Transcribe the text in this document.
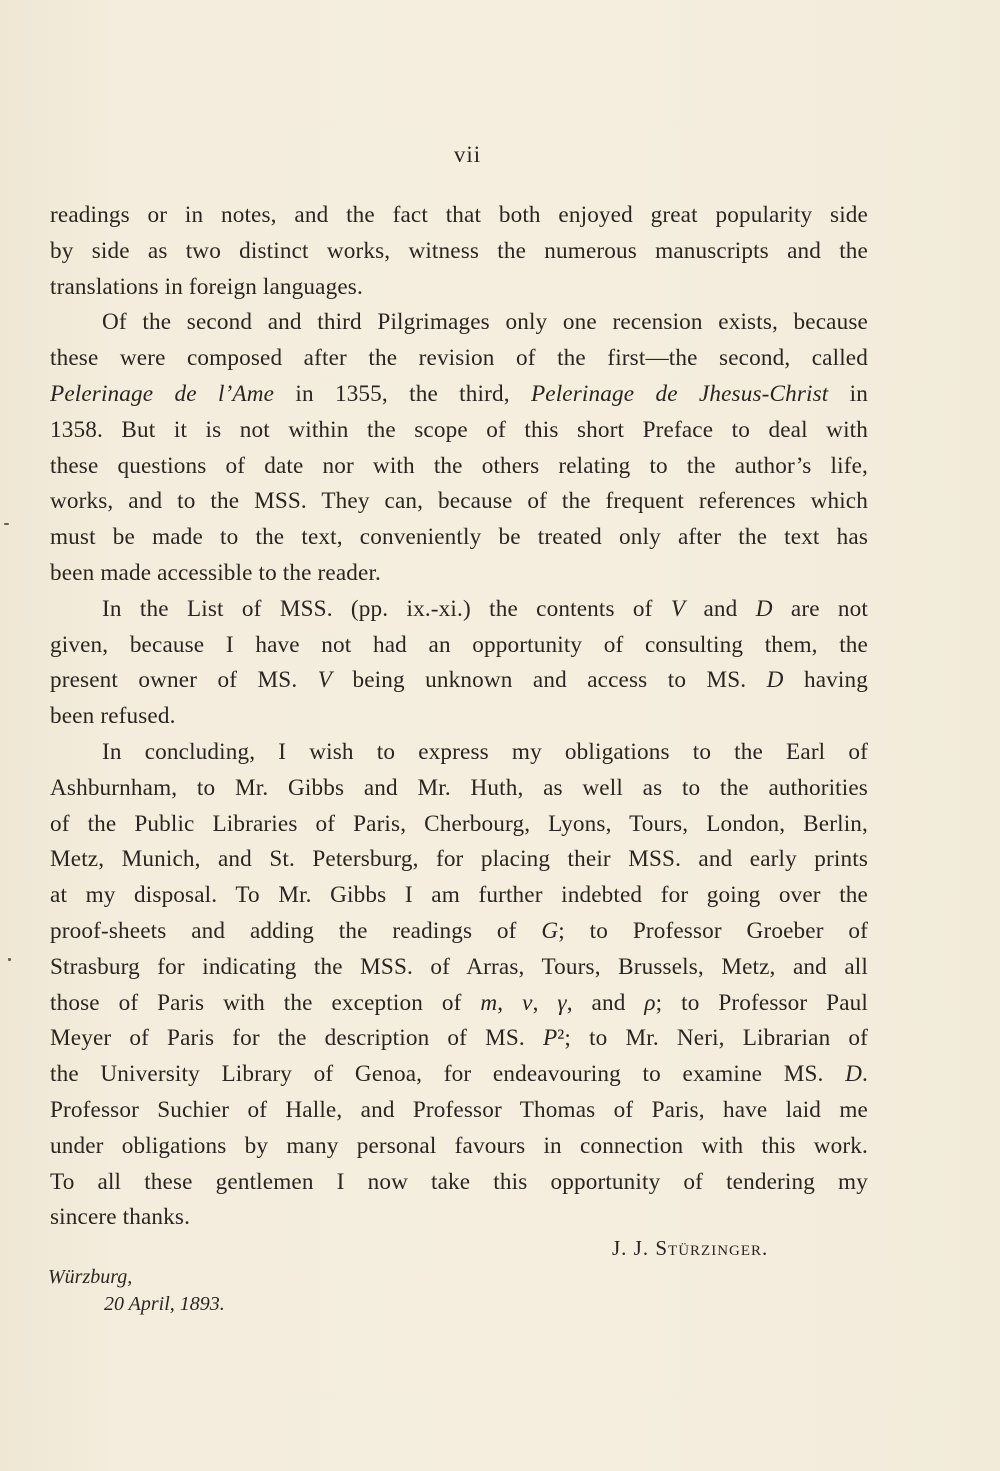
vii

readings or in notes, and the fact that both enjoyed great popularity side
by side as two distinct works, witness the numerous manuscripts and the
translations in foreign languages.

Of the second and third Pilgrimages only one recension exists, because
these were composed after the revision of the first—the second, called
Pelerinage de l’Ame in 1355, the third, Pelerinage de Jhesus-Christ in
1358. But it is not within the scope of this short Preface to deal with
these questions of date nor with the others relating to the author’s life,
works, and to the MSS. They can, because of the frequent references which
must be made to the text, conveniently be treated only after the text has
been made accessible to the reader.

In the List of MSS. (pp. ix.-xi.) the contents of V and D are not
given, because I have not had an opportunity of consulting them, the
present owner of MS. V being unknown and access to MS. D having
been refused.

In concluding, I wish to express my obligations to the Earl of
Ashburnham, to Mr. Gibbs and Mr. Huth, as well as to the authorities
of the Public Libraries of Paris, Cherbourg, Lyons, Tours, London, Berlin,
Metz, Munich, and St. Petersburg, for placing their MSS. and early prints
at my disposal. To Mr. Gibbs I am further indebted for going over the
proof-sheets and adding the readings of G; to Professor Groeber of
Strasburg for indicating the MSS. of Arras, Tours, Brussels, Metz, and all
those of Paris with the exception of m, v, γ, and ρ; to Professor Paul
Meyer of Paris for the description of MS. P²; to Mr. Neri, Librarian of
the University Library of Genoa, for endeavouring to examine MS. D.
Professor Suchier of Halle, and Professor Thomas of Paris, have laid me
under obligations by many personal favours in connection with this work.
To all these gentlemen I now take this opportunity of tendering my
sincere thanks.

J. J. Stürzinger.
Würzburg,
20 April, 1893.
